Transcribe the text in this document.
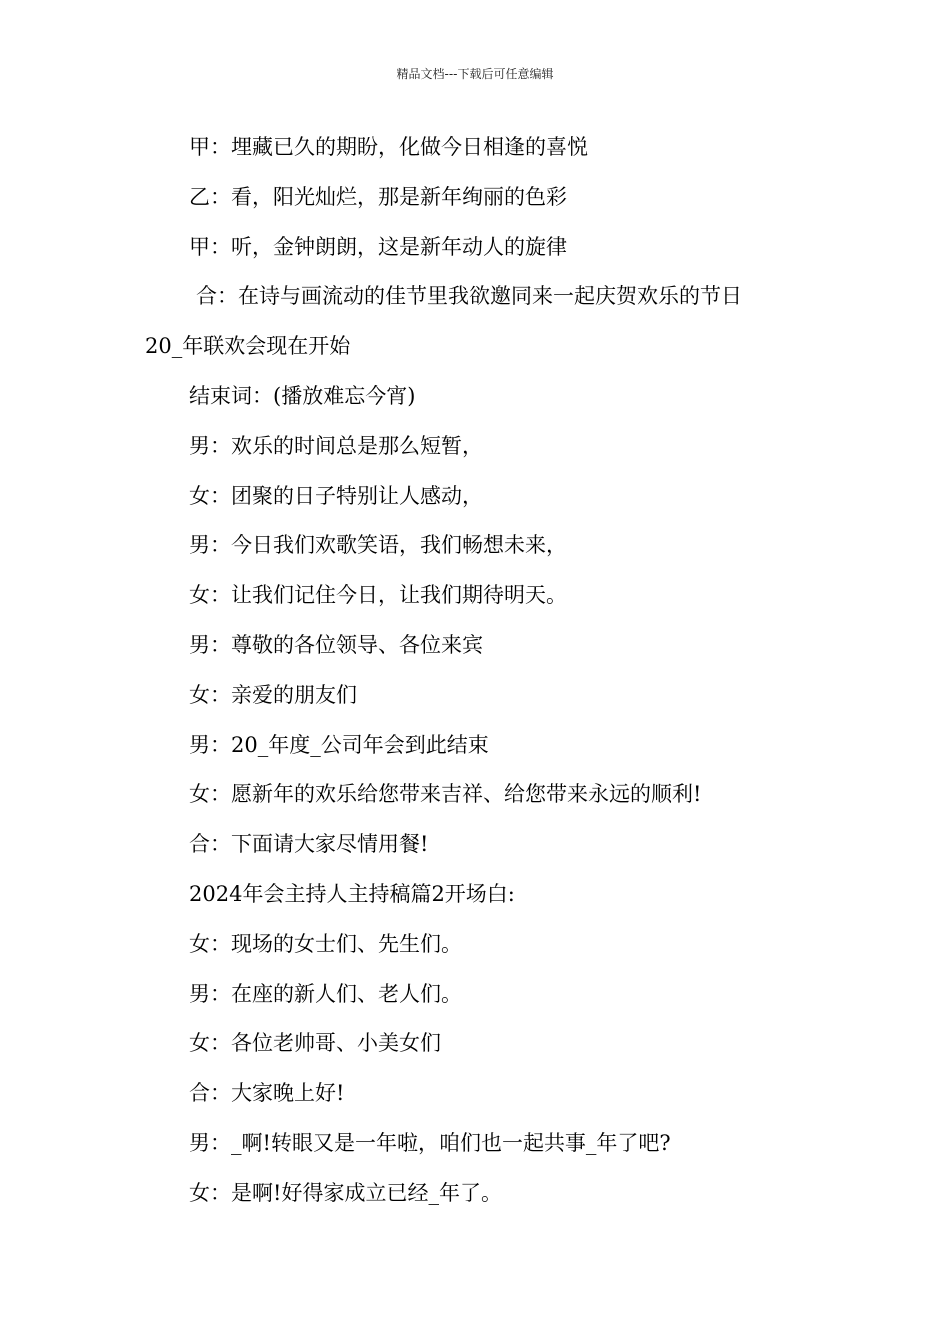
精品文档---下载后可任意编辑

甲：埋藏已久的期盼，化做今日相逢的喜悦

乙：看，阳光灿烂，那是新年绚丽的色彩

甲：听，金钟朗朗，这是新年动人的旋律

合：在诗与画流动的佳节里我欲邀同来一起庆贺欢乐的节日

20_年联欢会现在开始

结束词：(播放难忘今宵)

男：欢乐的时间总是那么短暂，

女：团聚的日子特别让人感动，

男：今日我们欢歌笑语，我们畅想未来，

女：让我们记住今日，让我们期待明天。

男：尊敬的各位领导、各位来宾

女：亲爱的朋友们

男：20_年度_公司年会到此结束

女：愿新年的欢乐给您带来吉祥、给您带来永远的顺利!

合：下面请大家尽情用餐!

2024年会主持人主持稿篇2开场白:

女：现场的女士们、先生们。

男：在座的新人们、老人们。

女：各位老帅哥、小美女们

合：大家晚上好!

男：_啊!转眼又是一年啦，咱们也一起共事_年了吧?

女：是啊!好得家成立已经_年了。
